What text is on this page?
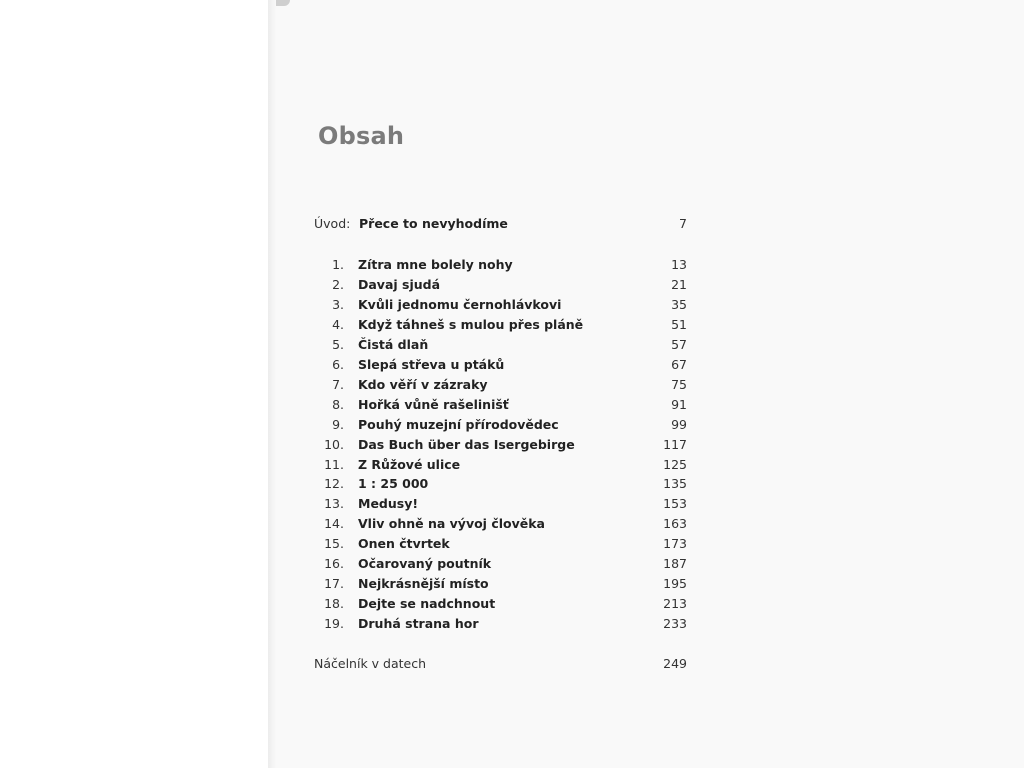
Obsah
Úvod: Přece to nevyhodíme	7
1. Zítra mne bolely nohy	13
2. Davaj sjudá	21
3. Kvůli jednomu černohlávkovi	35
4. Když táhneš s mulou přes pláně	51
5. Čistá dlaň	57
6. Slepá střeva u ptáků	67
7. Kdo věří v zázraky	75
8. Hořká vůně rašelinišť	91
9. Pouhý muzejní přírodovědec	99
10. Das Buch über das Isergebirge	117
11. Z Růžové ulice	125
12. 1 : 25 000	135
13. Medusy!	153
14. Vliv ohně na vývoj člověka	163
15. Onen čtvrtek	173
16. Očarovaný poutník	187
17. Nejkrásnější místo	195
18. Dejte se nadchnout	213
19. Druhá strana hor	233
Náčelník v datech	249
